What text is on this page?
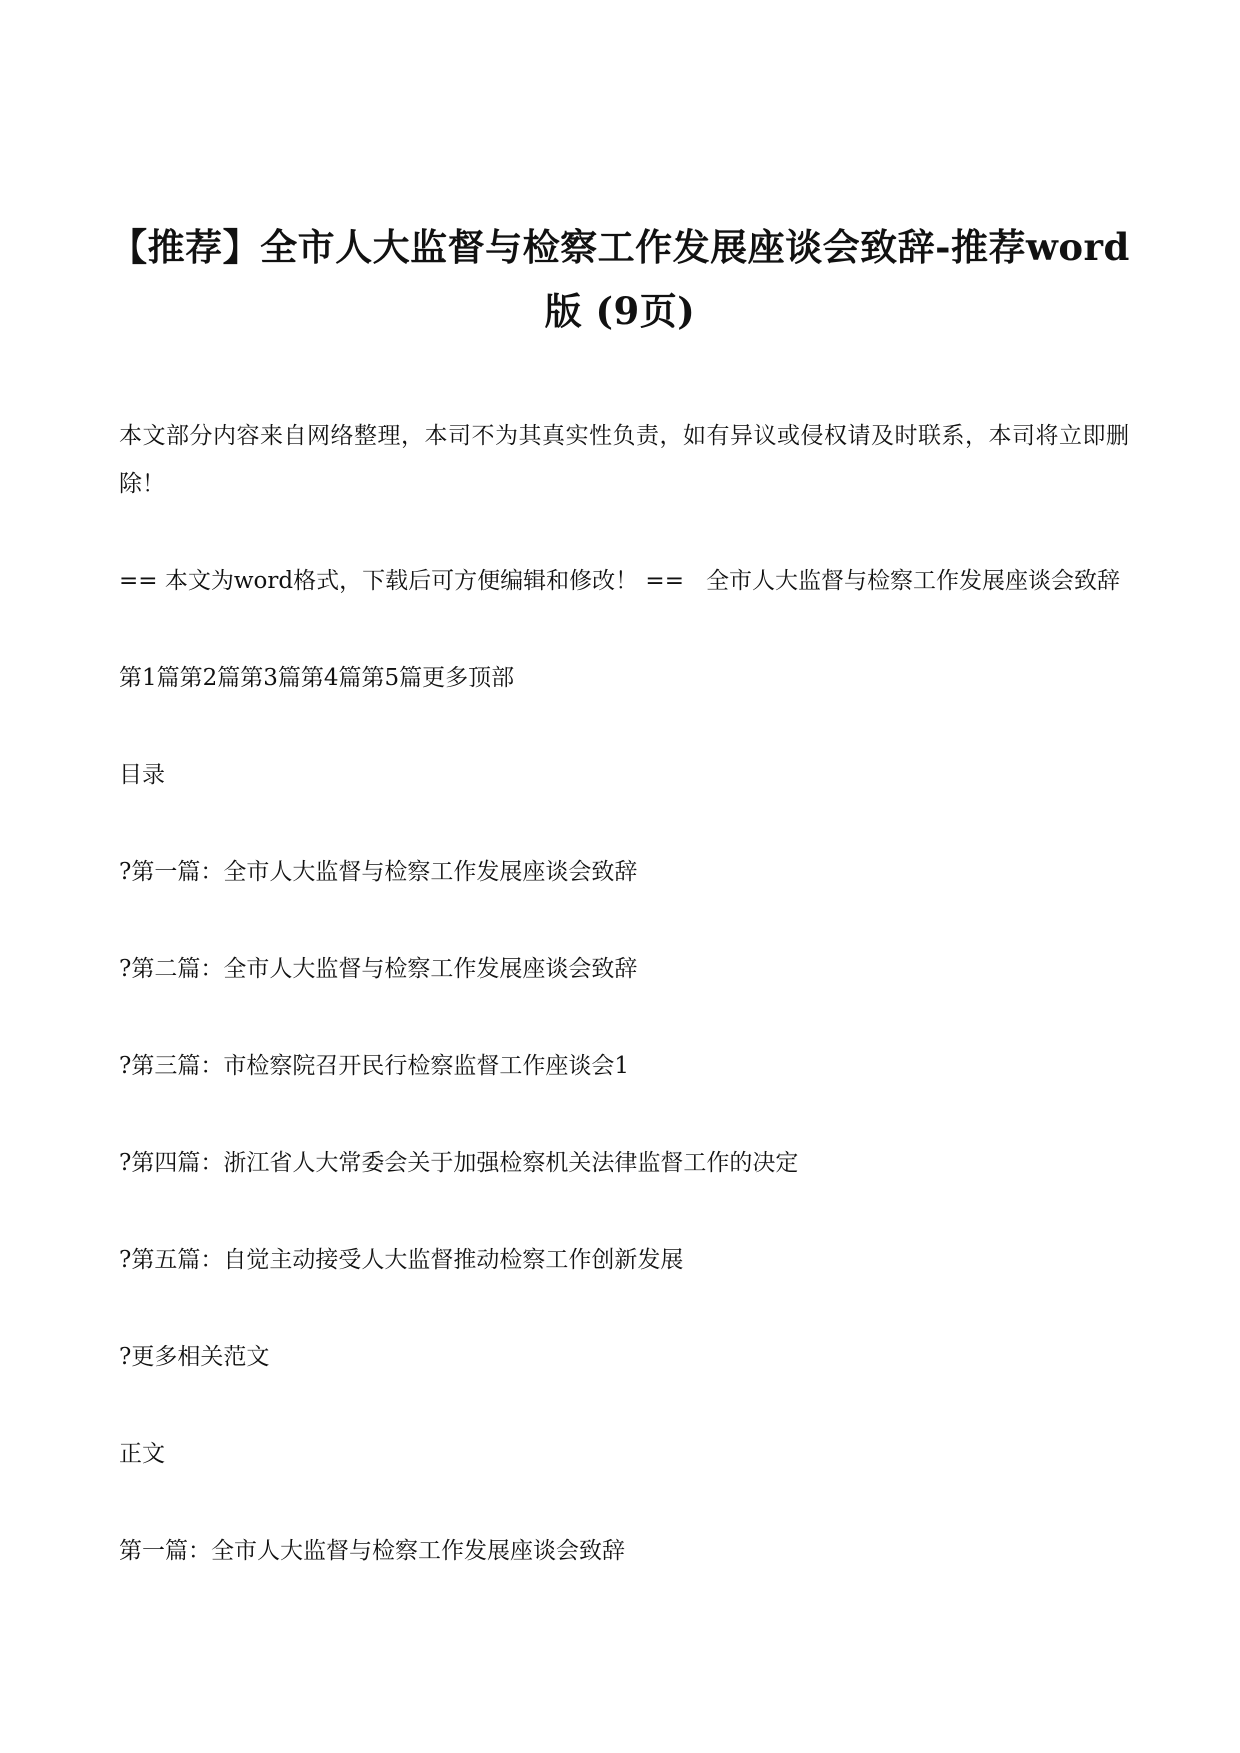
【推荐】全市人大监督与检察工作发展座谈会致辞-推荐word版 (9页)

本文部分内容来自网络整理，本司不为其真实性负责，如有异议或侵权请及时联系，本司将立即删除！

== 本文为word格式，下载后可方便编辑和修改！ == 全市人大监督与检察工作发展座谈会致辞

第1篇第2篇第3篇第4篇第5篇更多顶部

目录

?第一篇：全市人大监督与检察工作发展座谈会致辞

?第二篇：全市人大监督与检察工作发展座谈会致辞

?第三篇：市检察院召开民行检察监督工作座谈会1

?第四篇：浙江省人大常委会关于加强检察机关法律监督工作的决定

?第五篇：自觉主动接受人大监督推动检察工作创新发展

?更多相关范文

正文

第一篇：全市人大监督与检察工作发展座谈会致辞
